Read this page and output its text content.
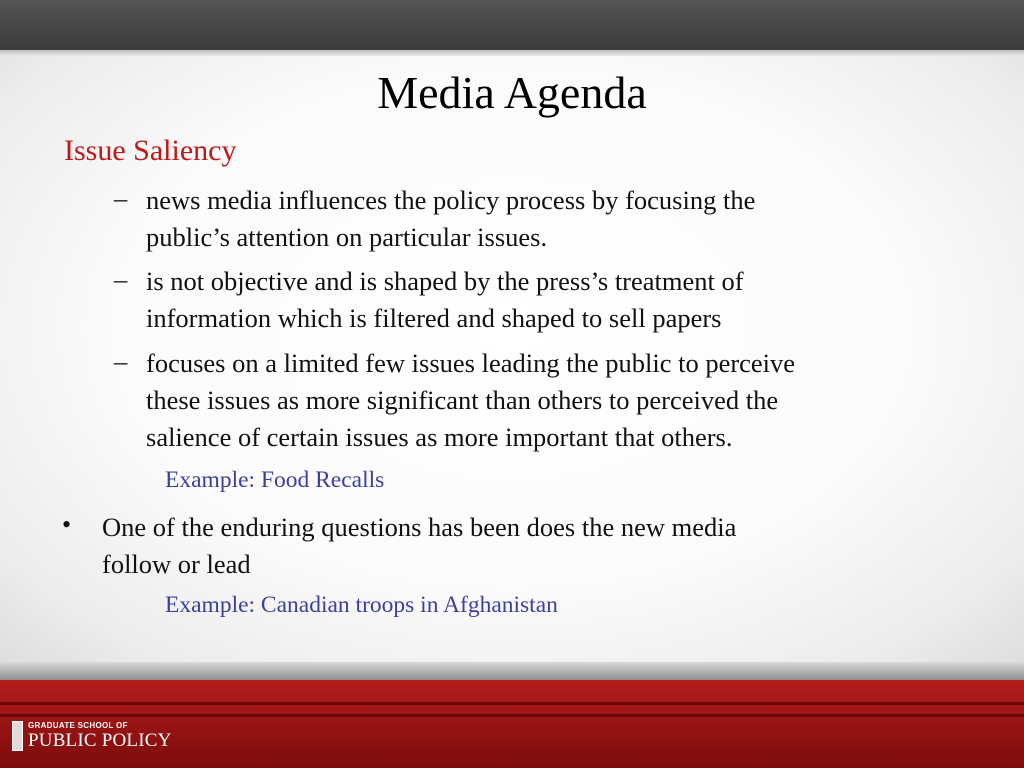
GRADUATE SCHOOL OF
PUBLIC POLICY
Media Agenda
Issue Saliency
– news media influences the policy process by focusing the
public’s attention on particular issues.
– is not objective and is shaped by the press’s treatment of
information which is filtered and shaped to sell papers
– focuses on a limited few issues leading the public to perceive
these issues as more significant than others to perceived the
salience of certain issues as more important that others.
Example: Food Recalls
• One of the enduring questions has been does the new media
follow or lead
Example: Canadian troops in Afghanistan
